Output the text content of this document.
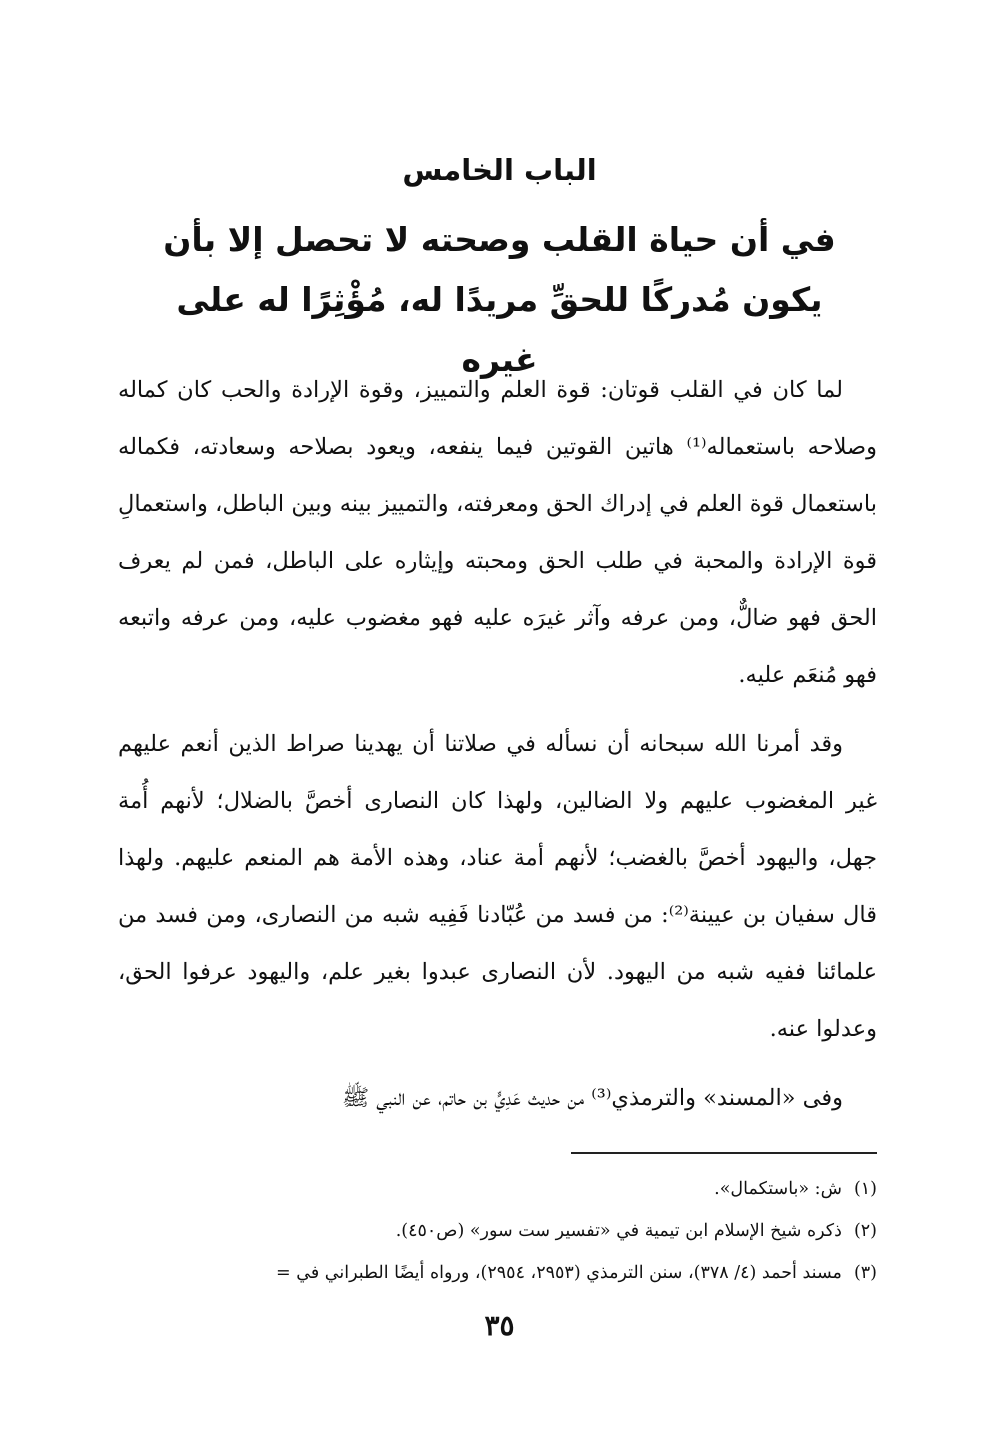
الباب الخامس
في أن حياة القلب وصحته لا تحصل إلا بأن يكون مُدركًا للحقِّ مريدًا له، مُؤْثِرًا له على غيره

لما كان في القلب قوتان: قوة العلم والتمييز، وقوة الإرادة والحب كان كماله وصلاحه باستعماله⁽¹⁾ هاتين القوتين فيما ينفعه، ويعود بصلاحه وسعادته، فكماله باستعمال قوة العلم في إدراك الحق ومعرفته، والتمييز بينه وبين الباطل، واستعمالِ قوة الإرادة والمحبة في طلب الحق ومحبته وإيثاره على الباطل، فمن لم يعرف الحق فهو ضالٌّ، ومن عرفه وآثر غيرَه عليه فهو مغضوب عليه، ومن عرفه واتبعه فهو مُنعَم عليه.

وقد أمرنا الله سبحانه أن نسأله في صلاتنا أن يهدينا صراط الذين أنعم عليهم غير المغضوب عليهم ولا الضالين، ولهذا كان النصارى أخصَّ بالضلال؛ لأنهم أُمة جهل، واليهود أخصَّ بالغضب؛ لأنهم أمة عناد، وهذه الأمة هم المنعم عليهم. ولهذا قال سفيان بن عيينة⁽²⁾: من فسد من عُبّادنا فَفِيه شبه من النصارى، ومن فسد من علمائنا ففيه شبه من اليهود. لأن النصارى عبدوا بغير علم، واليهود عرفوا الحق، وعدلوا عنه.

وفى «المسند» والترمذي⁽³⁾ من حديث عَدِيٍّ بن حاتم، عن النبي ﷺ

(١)ش: «باستكمال».
(٢)ذكره شيخ الإسلام ابن تيمية في «تفسير ست سور» (ص٤٥٠).
(٣)مسند أحمد (٤/ ٣٧٨)، سنن الترمذي (٢٩٥٣، ٢٩٥٤)، ورواه أيضًا الطبراني في =
٣٥
